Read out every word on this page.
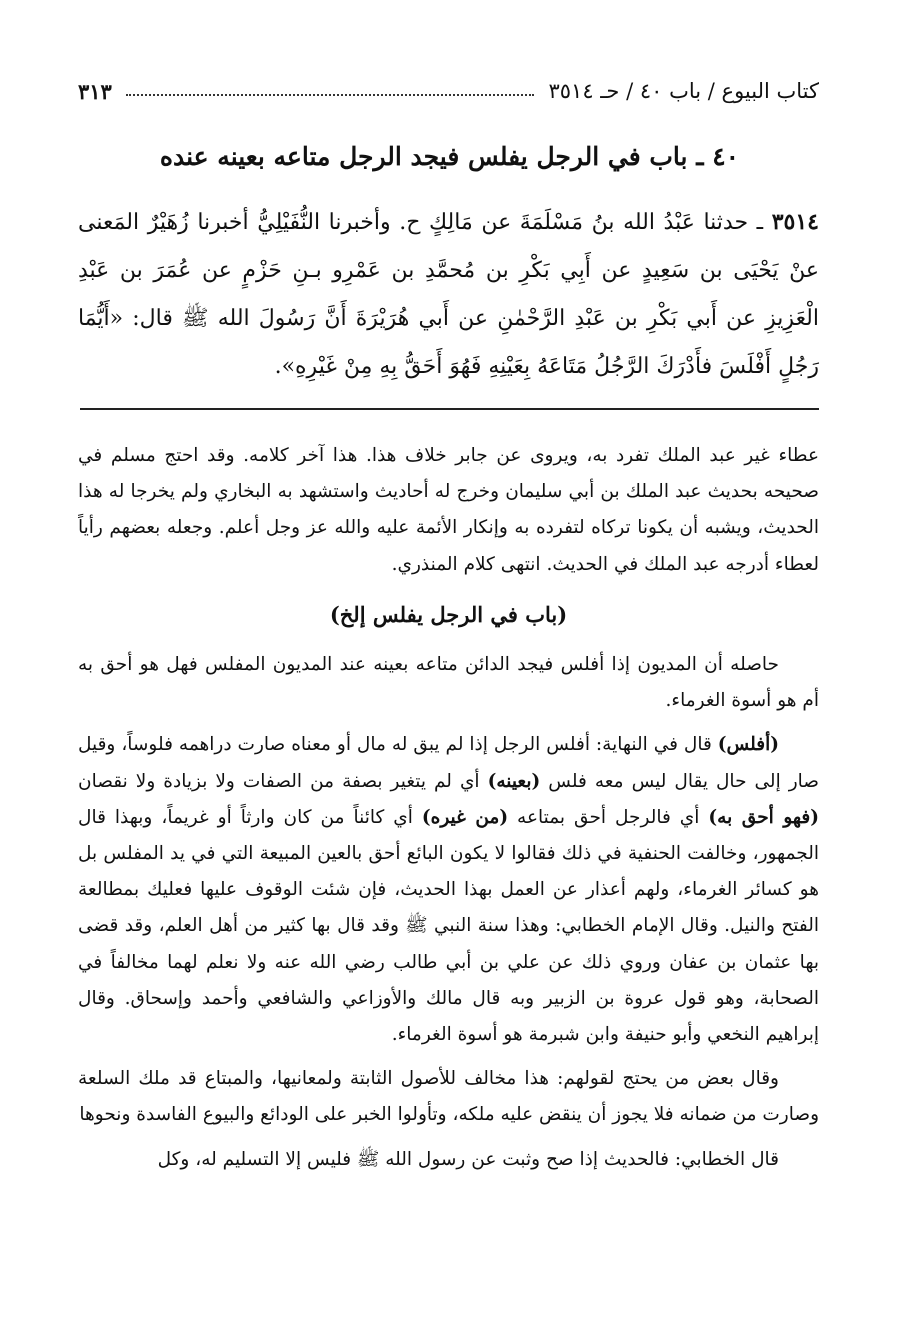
كتاب البيوع / باب ٤٠ / حـ ٣٥١٤
٣١٣
٤٠ ـ باب في الرجل يفلس فيجد الرجل متاعه بعينه عنده
٣٥١٤ ـ حدثنا عَبْدُ الله بنُ مَسْلَمَةَ عن مَالِكٍ ح. وأخبرنا النُّفَيْلِيُّ أخبرنا زُهَيْرٌ المَعنى عنْ يَحْيَى بن سَعِيدٍ عن أَبِي بَكْرِ بن مُحمَّدِ بن عَمْرِو بـنِ حَزْمٍ عن عُمَرَ بن عَبْدِ الْعَزِيزِ عن أَبي بَكْرِ بن عَبْدِ الرَّحْمٰنِ عن أَبي هُرَيْرَةَ أَنَّ رَسُولَ الله ﷺ قال: «أَيُّمَا رَجُلٍ أَفْلَسَ فأَدْرَكَ الرَّجُلُ مَتَاعَهُ بِعَيْنِهِ فَهُوَ أَحَقُّ بِهِ مِنْ غَيْرِهِ».

عطاء غير عبد الملك تفرد به، ويروى عن جابر خلاف هذا. هذا آخر كلامه. وقد احتج مسلم في صحيحه بحديث عبد الملك بن أبي سليمان وخرج له أحاديث واستشهد به البخاري ولم يخرجا له هذا الحديث، ويشبه أن يكونا تركاه لتفرده به وإنكار الأئمة عليه والله عز وجل أعلم. وجعله بعضهم رأياً لعطاء أدرجه عبد الملك في الحديث. انتهى كلام المنذري.

(باب في الرجل يفلس إلخ)

حاصله أن المديون إذا أفلس فيجد الدائن متاعه بعينه عند المديون المفلس فهل هو أحق به أم هو أسوة الغرماء.

(أفلس) قال في النهاية: أفلس الرجل إذا لم يبق له مال أو معناه صارت دراهمه فلوساً، وقيل صار إلى حال يقال ليس معه فلس (بعينه) أي لم يتغير بصفة من الصفات ولا بزيادة ولا نقصان (فهو أحق به) أي فالرجل أحق بمتاعه (من غيره) أي كائناً من كان وارثاً أو غريماً، وبهذا قال الجمهور، وخالفت الحنفية في ذلك فقالوا لا يكون البائع أحق بالعين المبيعة التي في يد المفلس بل هو كسائر الغرماء، ولهم أعذار عن العمل بهذا الحديث، فإن شئت الوقوف عليها فعليك بمطالعة الفتح والنيل. وقال الإمام الخطابي: وهذا سنة النبي ﷺ وقد قال بها كثير من أهل العلم، وقد قضى بها عثمان بن عفان وروي ذلك عن علي بن أبي طالب رضي الله عنه ولا نعلم لهما مخالفاً في الصحابة، وهو قول عروة بن الزبير وبه قال مالك والأوزاعي والشافعي وأحمد وإسحاق. وقال إبراهيم النخعي وأبو حنيفة وابن شبرمة هو أسوة الغرماء.

وقال بعض من يحتج لقولهم: هذا مخالف للأصول الثابتة ولمعانيها، والمبتاع قد ملك السلعة وصارت من ضمانه فلا يجوز أن ينقض عليه ملكه، وتأولوا الخبر على الودائع والبيوع الفاسدة ونحوها

قال الخطابي: فالحديث إذا صح وثبت عن رسول الله ﷺ فليس إلا التسليم له، وكل
